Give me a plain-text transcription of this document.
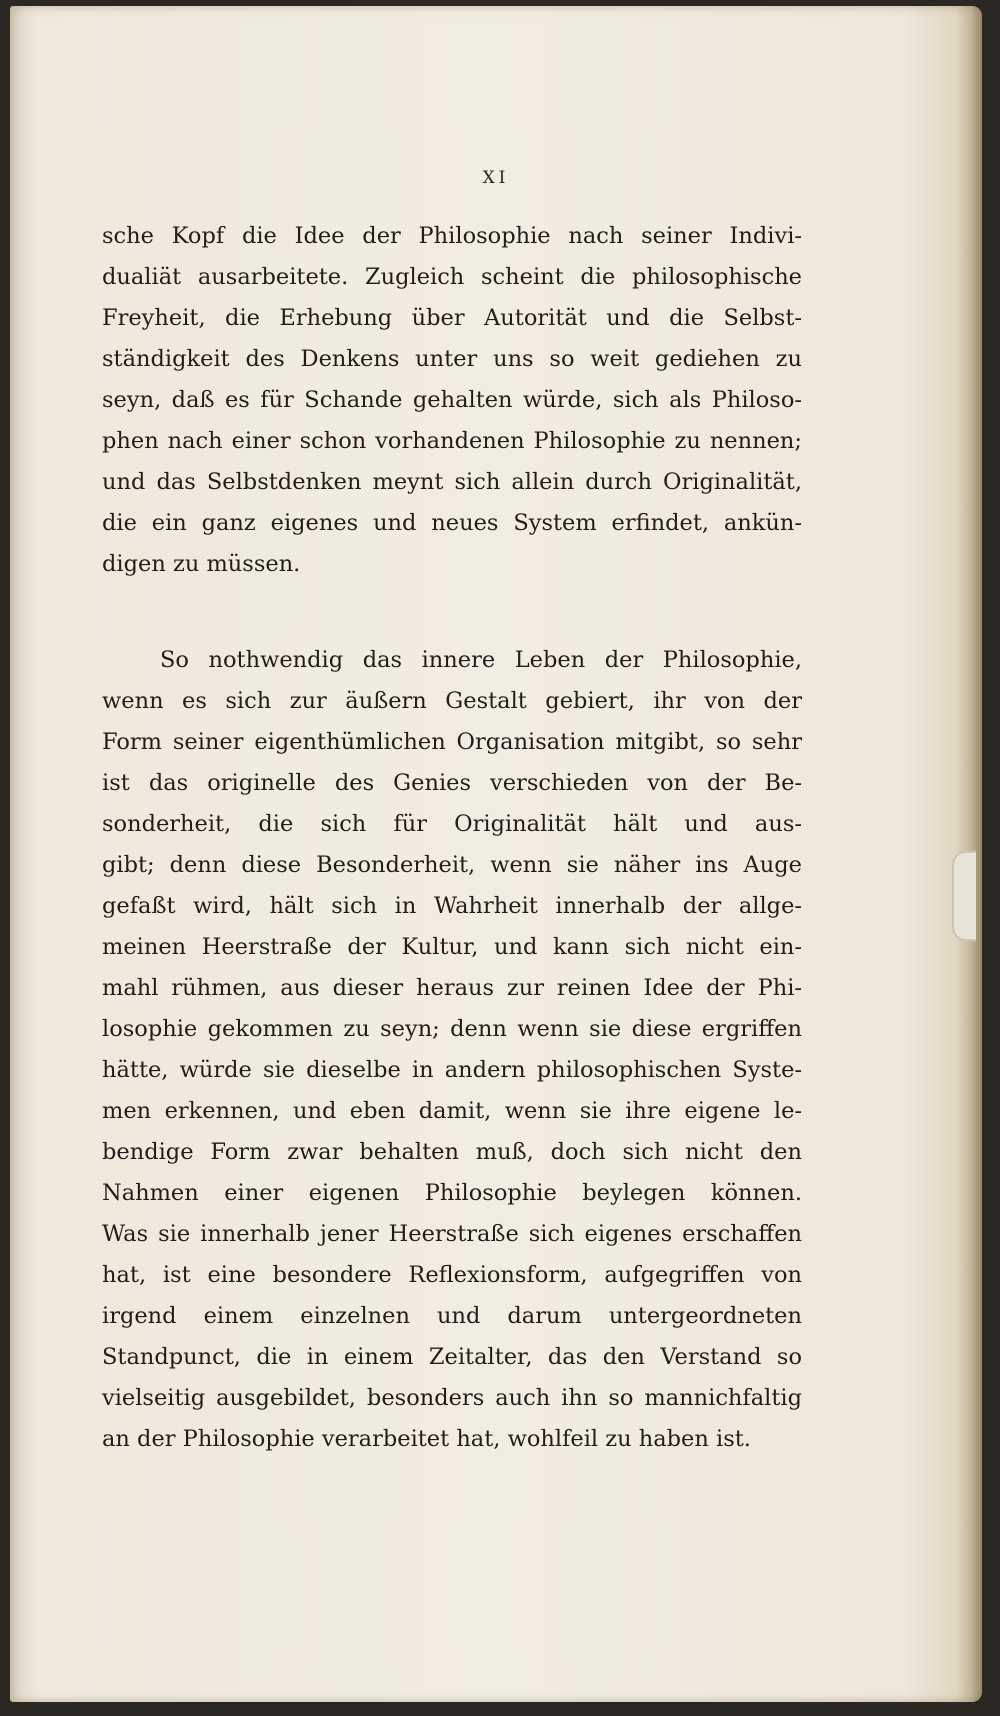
XI
sche Kopf die Idee der Philosophie nach seiner Indivi-
dualiät ausarbeitete. Zugleich scheint die philosophische
Freyheit, die Erhebung über Autorität und die Selbst-
ständigkeit des Denkens unter uns so weit gediehen zu
seyn, daß es für Schande gehalten würde, sich als Philoso-
phen nach einer schon vorhandenen Philosophie zu nennen;
und das Selbstdenken meynt sich allein durch Originalität,
die ein ganz eigenes und neues System erfindet, ankün-
digen zu müssen.
So nothwendig das innere Leben der Philosophie,
wenn es sich zur äußern Gestalt gebiert, ihr von der
Form seiner eigenthümlichen Organisation mitgibt, so sehr
ist das originelle des Genies verschieden von der Be-
sonderheit, die sich für Originalität hält und aus-
gibt; denn diese Besonderheit, wenn sie näher ins Auge
gefaßt wird, hält sich in Wahrheit innerhalb der allge-
meinen Heerstraße der Kultur, und kann sich nicht ein-
mahl rühmen, aus dieser heraus zur reinen Idee der Phi-
losophie gekommen zu seyn; denn wenn sie diese ergriffen
hätte, würde sie dieselbe in andern philosophischen Syste-
men erkennen, und eben damit, wenn sie ihre eigene le-
bendige Form zwar behalten muß, doch sich nicht den
Nahmen einer eigenen Philosophie beylegen können.
Was sie innerhalb jener Heerstraße sich eigenes erschaffen
hat, ist eine besondere Reflexionsform, aufgegriffen von
irgend einem einzelnen und darum untergeordneten
Standpunct, die in einem Zeitalter, das den Verstand so
vielseitig ausgebildet, besonders auch ihn so mannichfaltig
an der Philosophie verarbeitet hat, wohlfeil zu haben ist.
